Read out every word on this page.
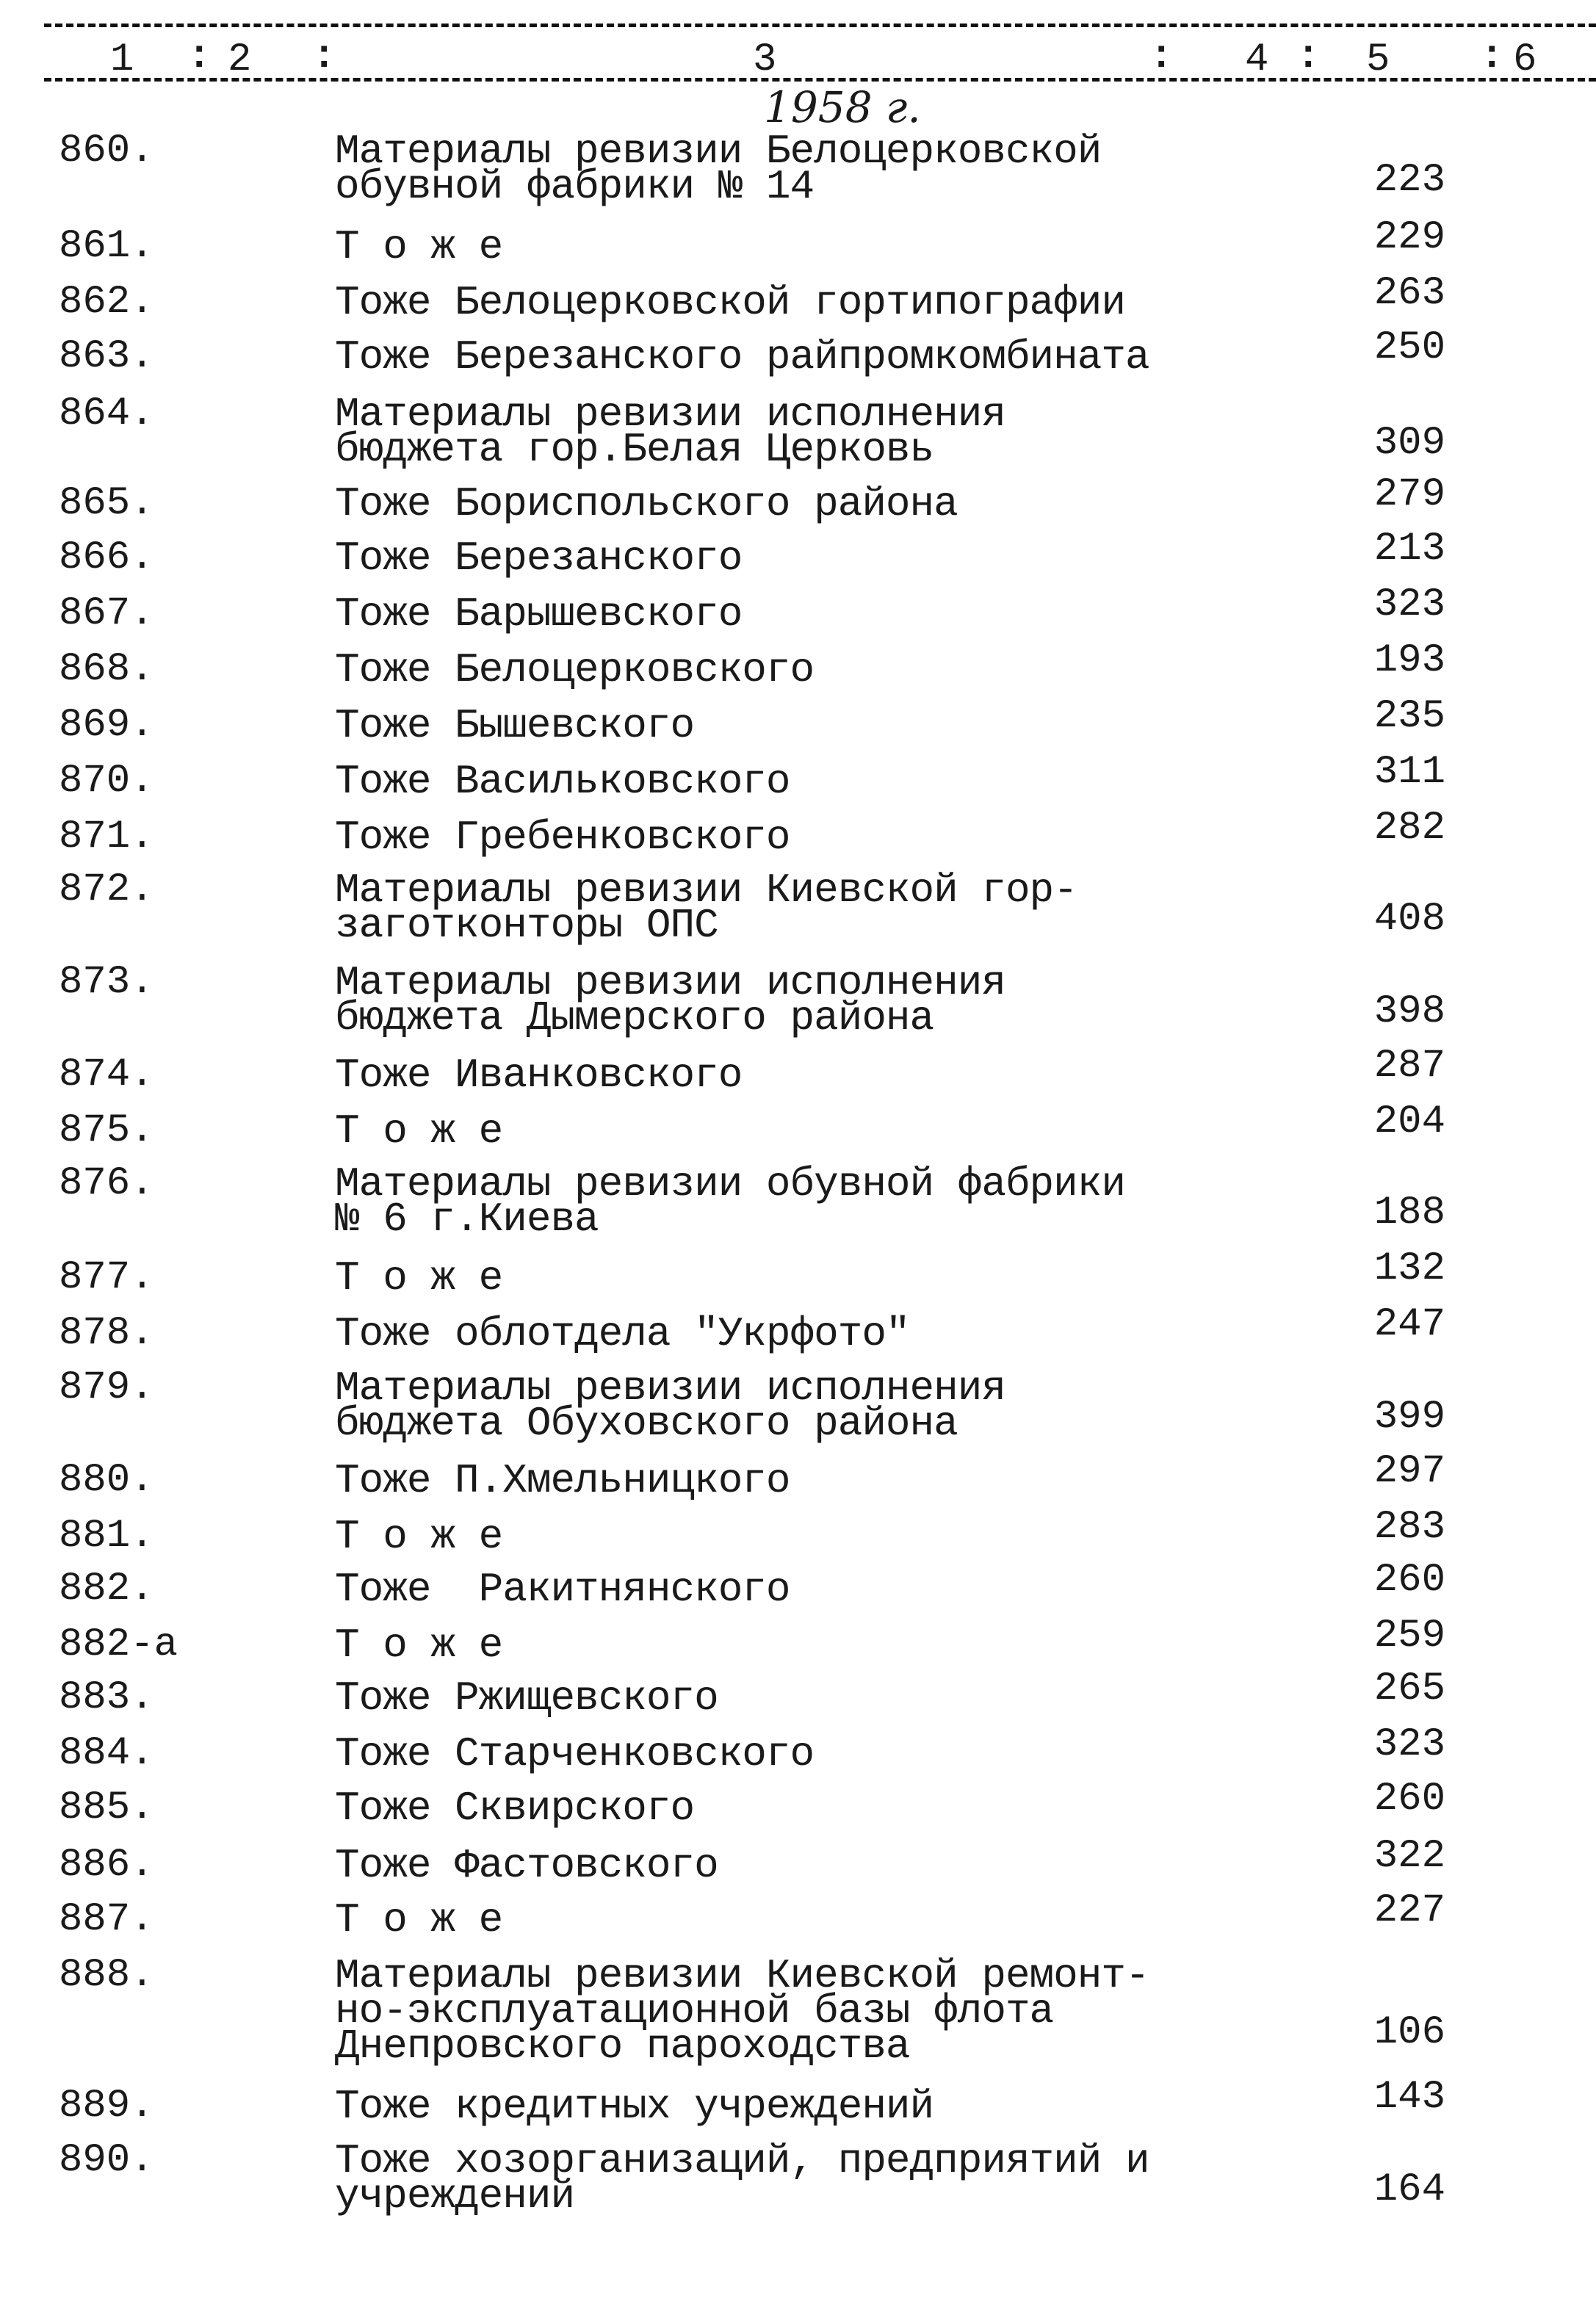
1 : 2 :	3	: 4 : 5 : 6
1958 г.
860.	Материалы ревизии Белоцерковской
обувной фабрики № 14	223
861.	Т о ж е	229
862.	Тоже Белоцерковской гортипографии	263
863.	Тоже Березанского райпромкомбината	250
864.	Материалы ревизии исполнения
бюджета гор.Белая Церковь	309
865.	Тоже Бориспольского района	279
866.	Тоже Березанского	213
867.	Тоже Барышевского	323
868.	Тоже Белоцерковского	193
869.	Тоже Бышевского	235
870.	Тоже Васильковского	311
871.	Тоже Гребенковского	282
872.	Материалы ревизии Киевской гор-
заготконторы ОПС	408
873.	Материалы ревизии исполнения
бюджета Дымерского района	398
874.	Тоже Иванковского	287
875.	Т о ж е	204
876.	Материалы ревизии обувной фабрики
№ 6 г.Киева	188
877.	Т о ж е	132
878.	Тоже облотдела "Укрфото"	247
879.	Материалы ревизии исполнения
бюджета Обуховского района	399
880.	Тоже П.Хмельницкого	297
881.	Т о ж е	283
882.	Тоже  Ракитнянского	260
882-а	Т о ж е	259
883.	Тоже Ржищевского	265
884.	Тоже Старченковского	323
885.	Тоже Сквирского	260
886.	Тоже Фастовского	322
887.	Т о ж е	227
888.	Материалы ревизии Киевской ремонт-
но-эксплуатационной базы флота
Днепровского пароходства	106
889.	Тоже кредитных учреждений	143
890.	Тоже хозорганизаций, предприятий и
учреждений	164
